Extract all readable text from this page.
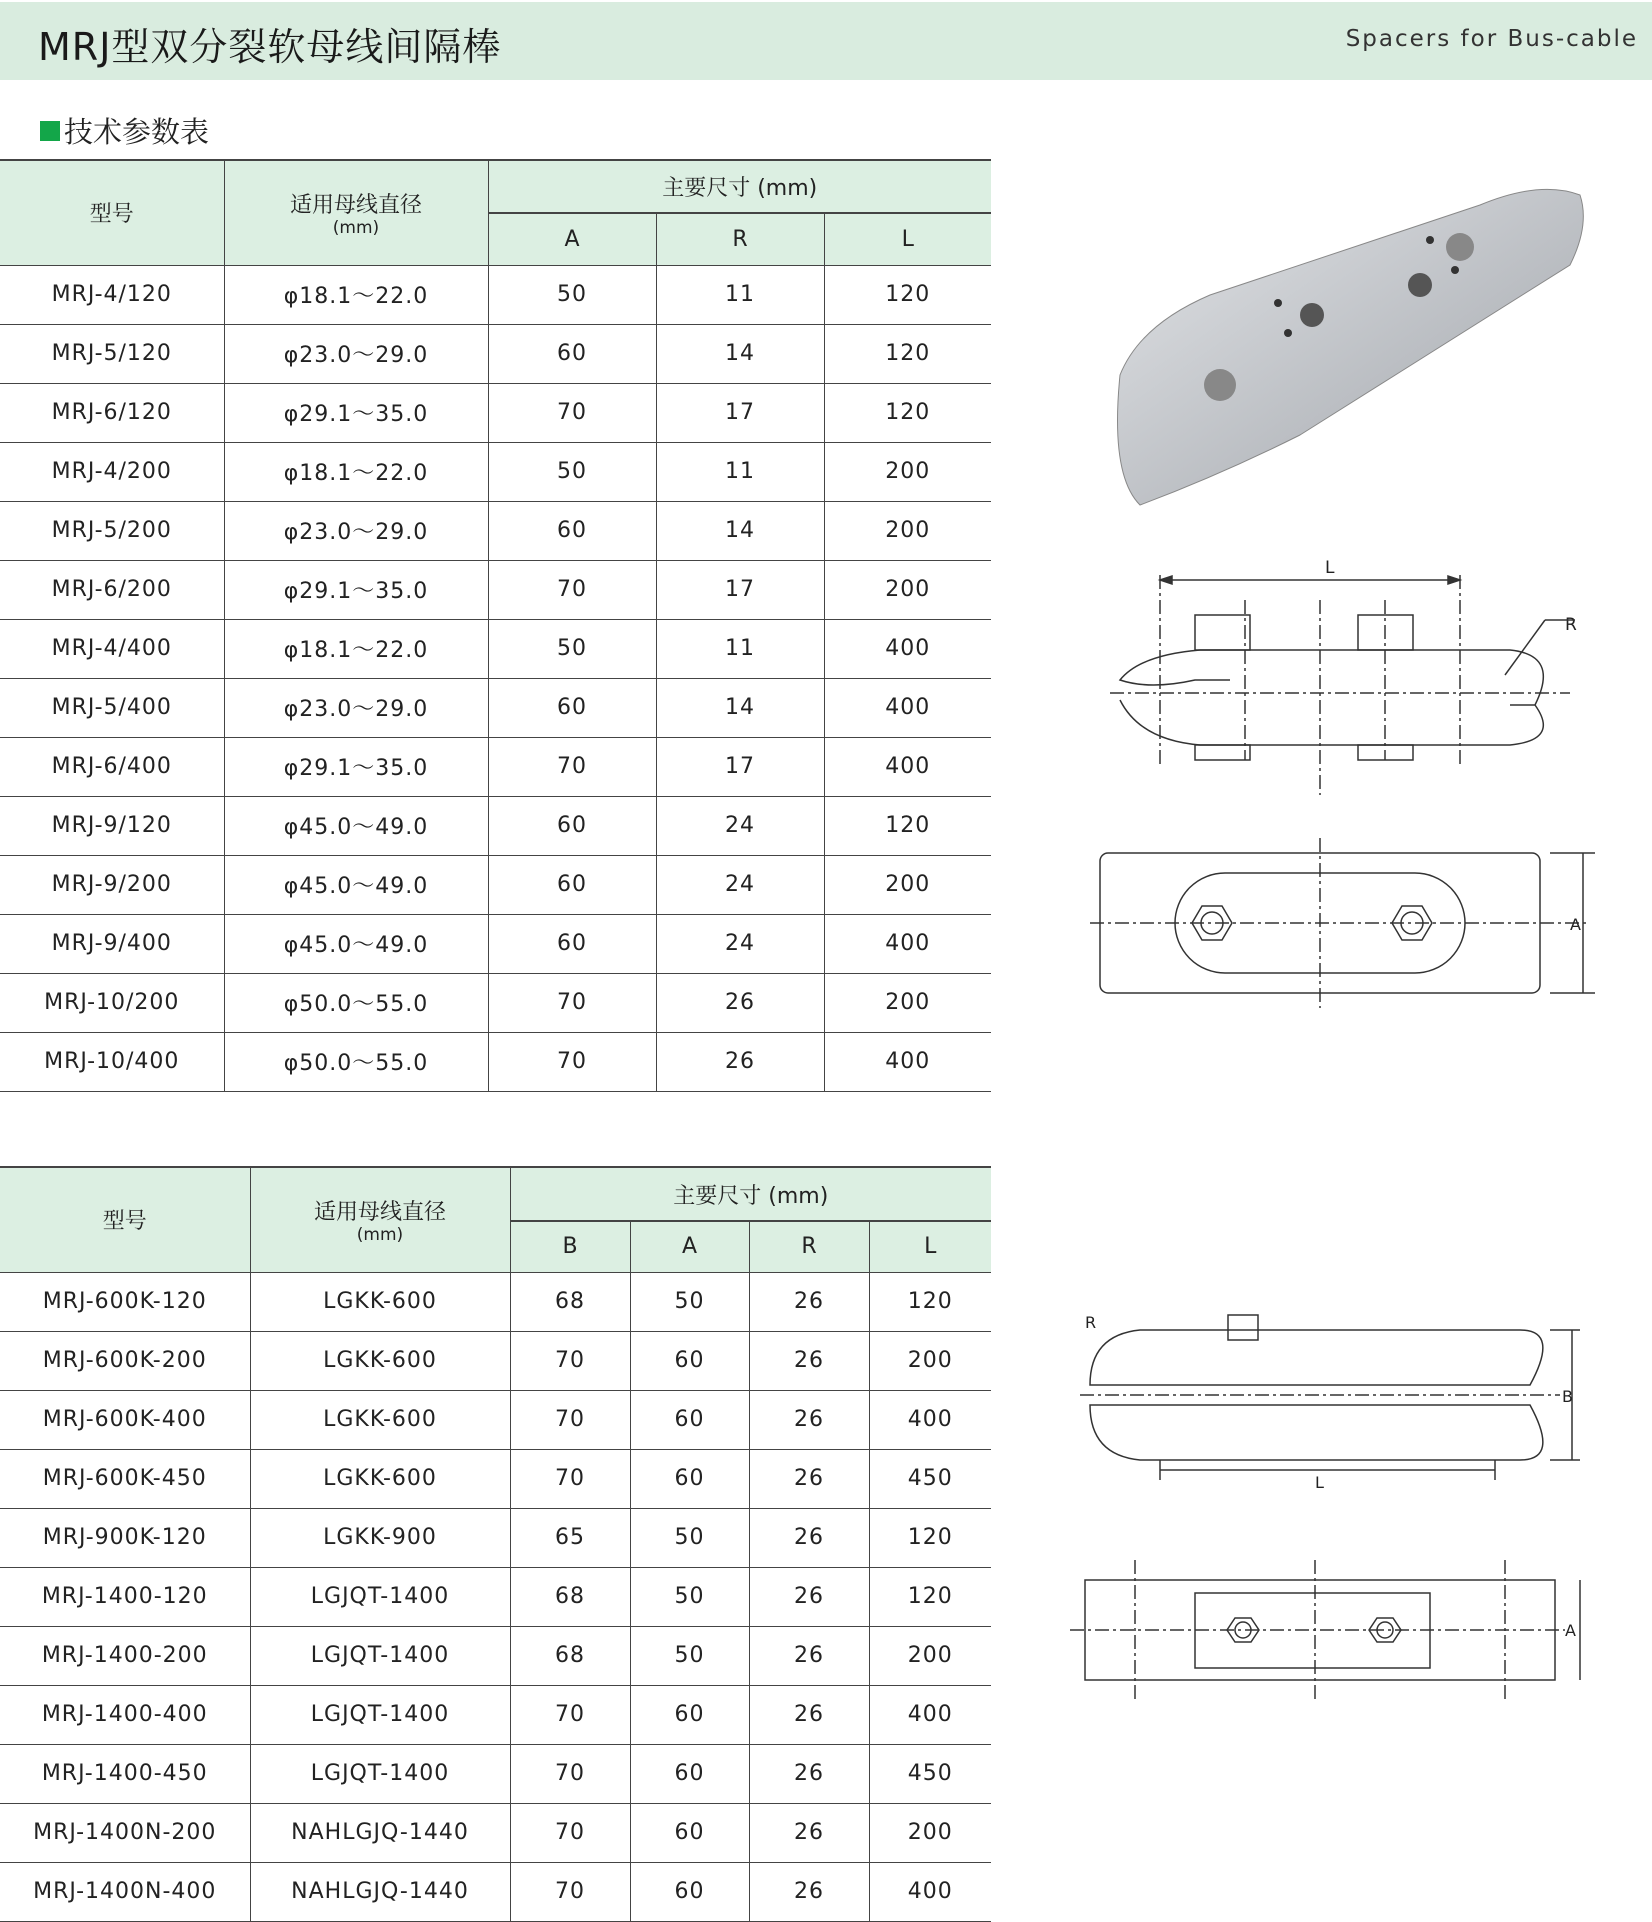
MRJ型双分裂软母线间隔棒	Spacers for Bus-cable
技术参数表
型号	适用母线直径
(mm)	主要尺寸 (mm)		
		A	R	L
MRJ-4/120	φ18.1～22.0	50	11	120
MRJ-5/120	φ23.0～29.0	60	14	120
MRJ-6/120	φ29.1～35.0	70	17	120
MRJ-4/200	φ18.1～22.0	50	11	200
MRJ-5/200	φ23.0～29.0	60	14	200
MRJ-6/200	φ29.1～35.0	70	17	200
MRJ-4/400	φ18.1～22.0	50	11	400
MRJ-5/400	φ23.0～29.0	60	14	400
MRJ-6/400	φ29.1～35.0	70	17	400
MRJ-9/120	φ45.0～49.0	60	24	120
MRJ-9/200	φ45.0～49.0	60	24	200
MRJ-9/400	φ45.0～49.0	60	24	400
MRJ-10/200	φ50.0～55.0	70	26	200
MRJ-10/400	φ50.0～55.0	70	26	400
型号	适用母线直径
(mm)	主要尺寸 (mm)			
		B	A	R	L
MRJ-600K-120	LGKK-600	68	50	26	120
MRJ-600K-200	LGKK-600	70	60	26	200
MRJ-600K-400	LGKK-600	70	60	26	400
MRJ-600K-450	LGKK-600	70	60	26	450
MRJ-900K-120	LGKK-900	65	50	26	120
MRJ-1400-120	LGJQT-1400	68	50	26	120
MRJ-1400-200	LGJQT-1400	68	50	26	200
MRJ-1400-400	LGJQT-1400	70	60	26	400
MRJ-1400-450	LGJQT-1400	70	60	26	450
MRJ-1400N-200	NAHLGJQ-1440	70	60	26	200
MRJ-1400N-400	NAHLGJQ-1440	70	60	26	400
L
R
A
R
L
B
A
